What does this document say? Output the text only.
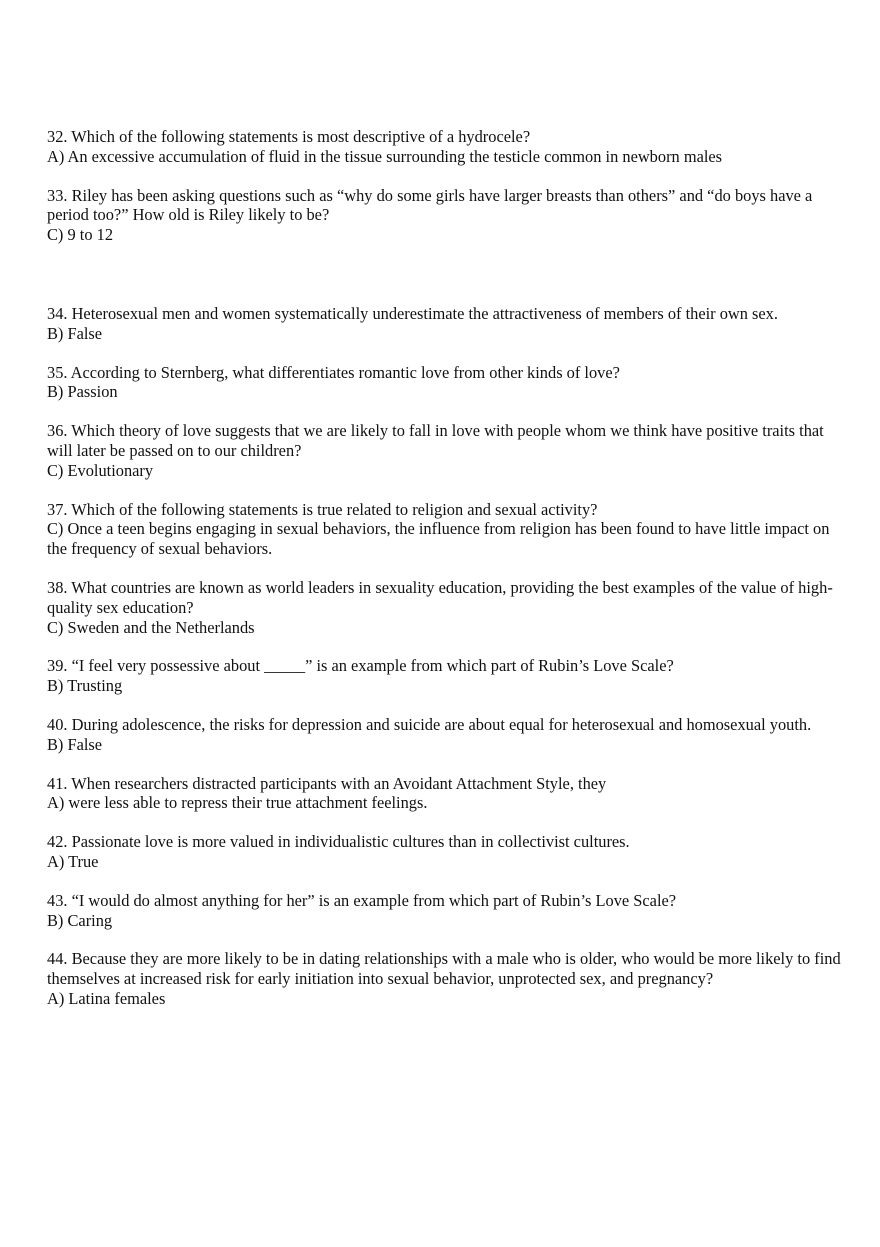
32. Which of the following statements is most descriptive of a hydrocele?

A) An excessive accumulation of fluid in the tissue surrounding the testicle common in newborn males

33. Riley has been asking questions such as “why do some girls have larger breasts than others” and “do boys have a period too?” How old is Riley likely to be?

C) 9 to 12

34. Heterosexual men and women systematically underestimate the attractiveness of members of their own sex.

B) False

35. According to Sternberg, what differentiates romantic love from other kinds of love?

B) Passion

36. Which theory of love suggests that we are likely to fall in love with people whom we think have positive traits that will later be passed on to our children?

C) Evolutionary

37. Which of the following statements is true related to religion and sexual activity?

C) Once a teen begins engaging in sexual behaviors, the influence from religion has been found to have little impact on the frequency of sexual behaviors.

38. What countries are known as world leaders in sexuality education, providing the best examples of the value of high-quality sex education?

C) Sweden and the Netherlands

39. “I feel very possessive about _____” is an example from which part of Rubin’s Love Scale?

B) Trusting

40. During adolescence, the risks for depression and suicide are about equal for heterosexual and homosexual youth.

B) False

41. When researchers distracted participants with an Avoidant Attachment Style, they

A) were less able to repress their true attachment feelings.

42. Passionate love is more valued in individualistic cultures than in collectivist cultures.

A) True

43. “I would do almost anything for her” is an example from which part of Rubin’s Love Scale?

B) Caring

44. Because they are more likely to be in dating relationships with a male who is older, who would be more likely to find themselves at increased risk for early initiation into sexual behavior, unprotected sex, and pregnancy?

A) Latina females
